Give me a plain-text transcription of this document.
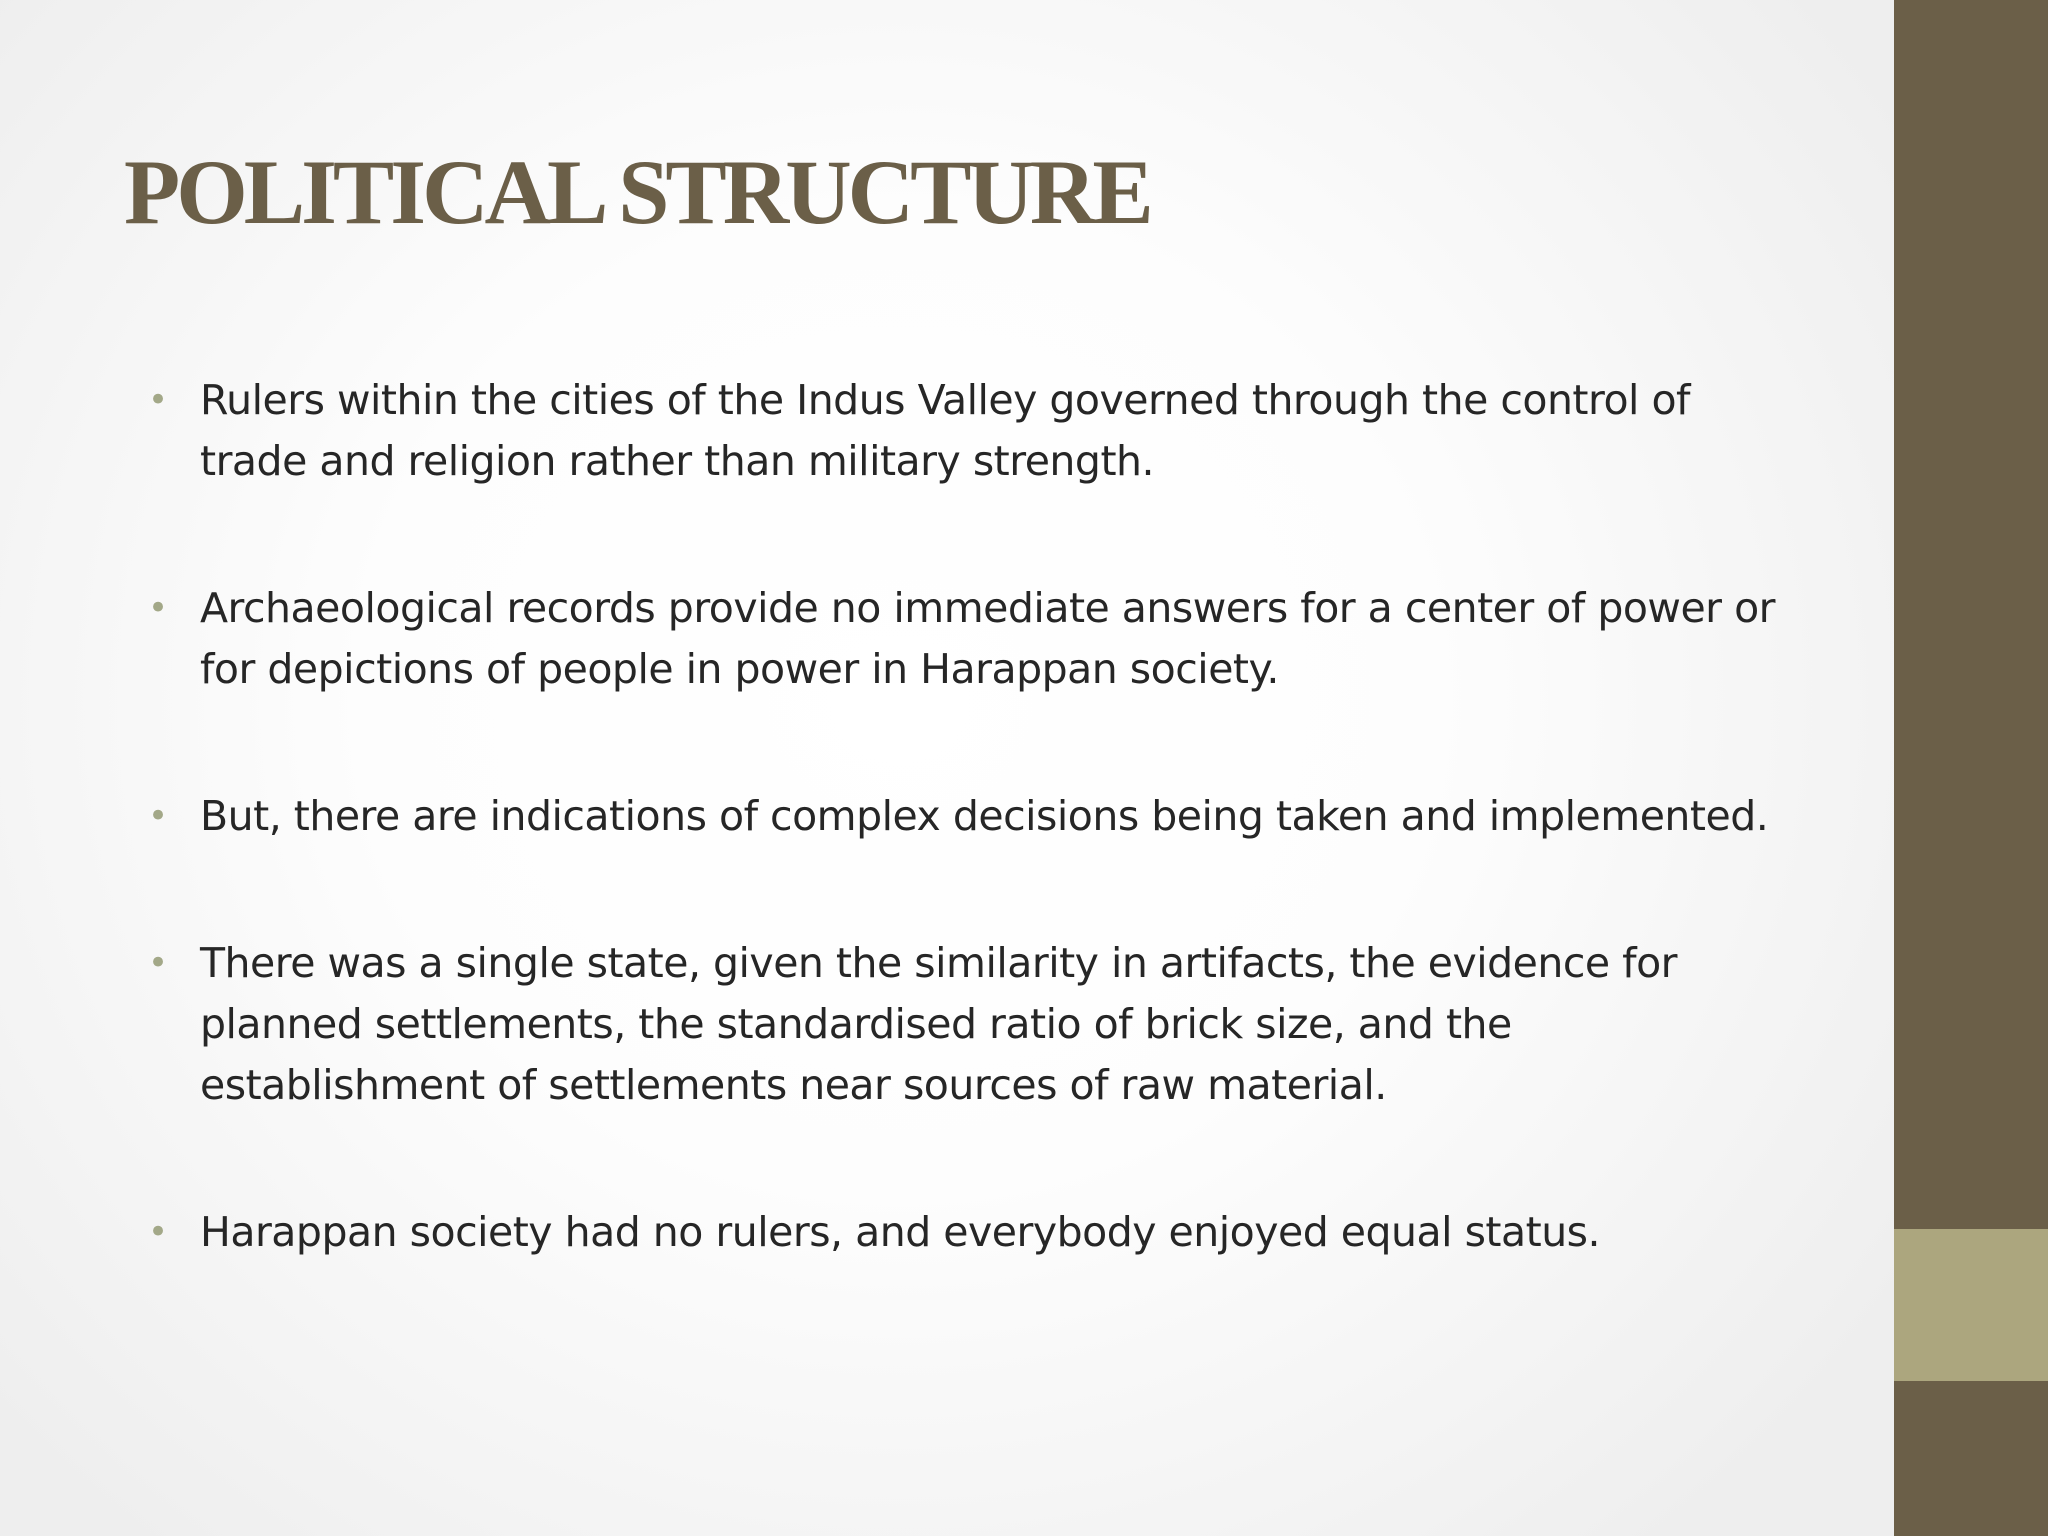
POLITICAL STRUCTURE
• Rulers within the cities of the Indus Valley governed through the control of trade and religion rather than military strength.
• Archaeological records provide no immediate answers for a center of power or for depictions of people in power in Harappan society.
• But, there are indications of complex decisions being taken and implemented.
• There was a single state, given the similarity in artifacts, the evidence for planned settlements, the standardised ratio of brick size, and the establishment of settlements near sources of raw material.
• Harappan society had no rulers, and everybody enjoyed equal status.
